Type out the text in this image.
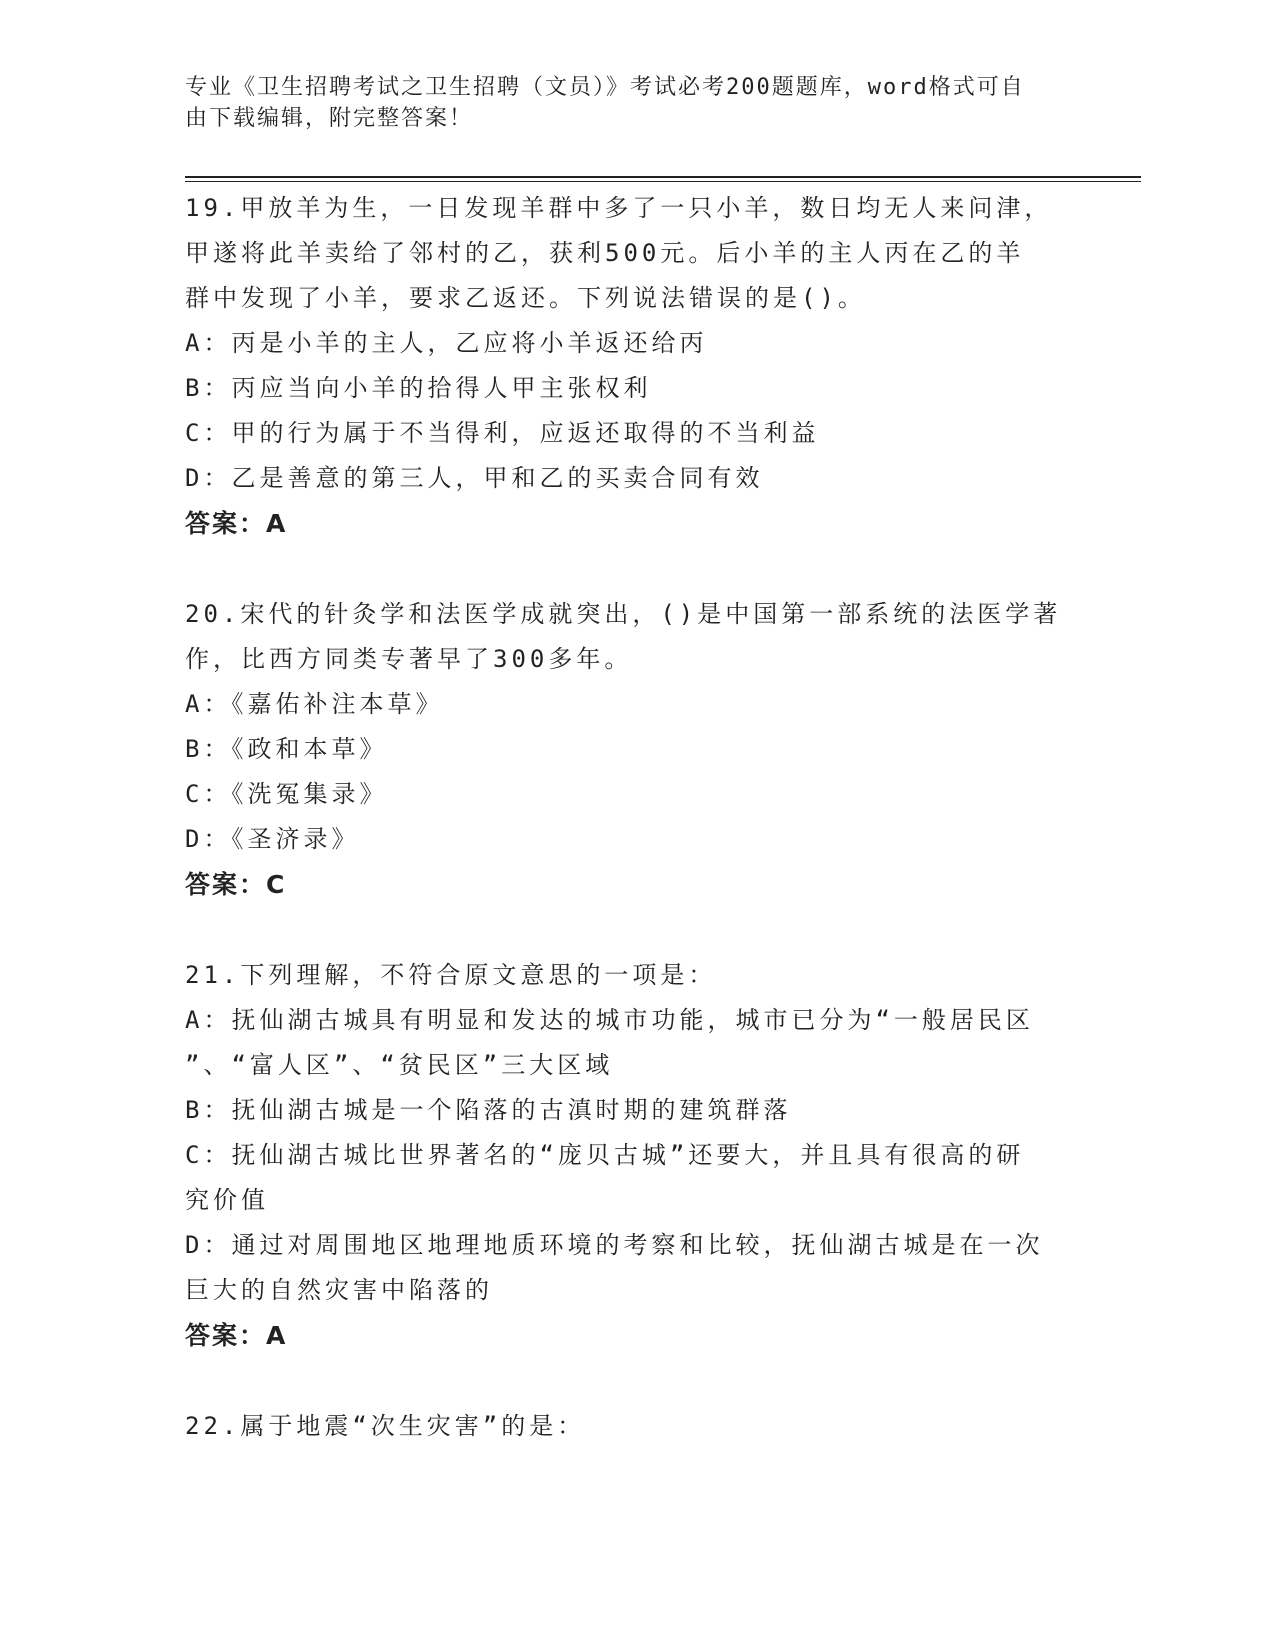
专业《卫生招聘考试之卫生招聘（文员）》考试必考200题题库，word格式可自
由下载编辑，附完整答案！
19.甲放羊为生，一日发现羊群中多了一只小羊，数日均无人来问津，
甲遂将此羊卖给了邻村的乙，获利500元。后小羊的主人丙在乙的羊
群中发现了小羊，要求乙返还。下列说法错误的是()。
A：丙是小羊的主人，乙应将小羊返还给丙
B：丙应当向小羊的拾得人甲主张权利
C：甲的行为属于不当得利，应返还取得的不当利益
D：乙是善意的第三人，甲和乙的买卖合同有效
答案：A
20.宋代的针灸学和法医学成就突出，()是中国第一部系统的法医学著
作，比西方同类专著早了300多年。
A：《嘉佑补注本草》
B：《政和本草》
C：《洗冤集录》
D：《圣济录》
答案：C
21.下列理解，不符合原文意思的一项是：
A：抚仙湖古城具有明显和发达的城市功能，城市已分为“一般居民区
”、“富人区”、“贫民区”三大区域
B：抚仙湖古城是一个陷落的古滇时期的建筑群落
C：抚仙湖古城比世界著名的“庞贝古城”还要大，并且具有很高的研
究价值
D：通过对周围地区地理地质环境的考察和比较，抚仙湖古城是在一次
巨大的自然灾害中陷落的
答案：A
22.属于地震“次生灾害”的是：
